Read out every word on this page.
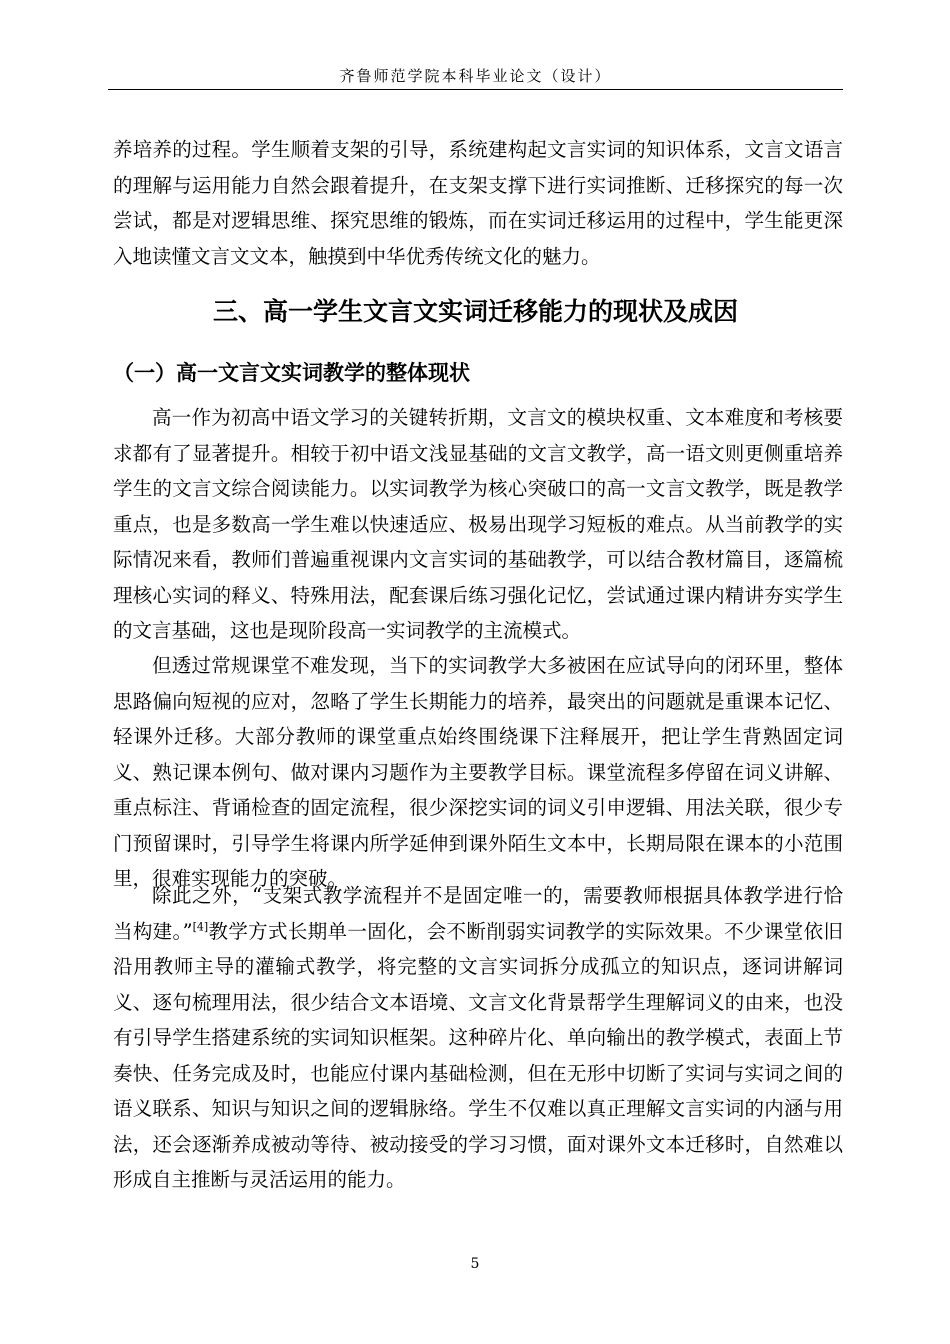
齐鲁师范学院本科毕业论文（设计）

养培养的过程。学生顺着支架的引导，系统建构起文言实词的知识体系，文言文语言的理解与运用能力自然会跟着提升，在支架支撑下进行实词推断、迁移探究的每一次尝试，都是对逻辑思维、探究思维的锻炼，而在实词迁移运用的过程中，学生能更深入地读懂文言文文本，触摸到中华优秀传统文化的魅力。

三、高一学生文言文实词迁移能力的现状及成因
（一）高一文言文实词教学的整体现状

高一作为初高中语文学习的关键转折期，文言文的模块权重、文本难度和考核要求都有了显著提升。相较于初中语文浅显基础的文言文教学，高一语文则更侧重培养学生的文言文综合阅读能力。以实词教学为核心突破口的高一文言文教学，既是教学重点，也是多数高一学生难以快速适应、极易出现学习短板的难点。从当前教学的实际情况来看，教师们普遍重视课内文言实词的基础教学，可以结合教材篇目，逐篇梳理核心实词的释义、特殊用法，配套课后练习强化记忆，尝试通过课内精讲夯实学生的文言基础，这也是现阶段高一实词教学的主流模式。

但透过常规课堂不难发现，当下的实词教学大多被困在应试导向的闭环里，整体思路偏向短视的应对，忽略了学生长期能力的培养，最突出的问题就是重课本记忆、轻课外迁移。大部分教师的课堂重点始终围绕课下注释展开，把让学生背熟固定词义、熟记课本例句、做对课内习题作为主要教学目标。课堂流程多停留在词义讲解、重点标注、背诵检查的固定流程，很少深挖实词的词义引申逻辑、用法关联，很少专门预留课时，引导学生将课内所学延伸到课外陌生文本中，长期局限在课本的小范围里，很难实现能力的突破。

除此之外，“支架式教学流程并不是固定唯一的，需要教师根据具体教学进行恰当构建。”[4]教学方式长期单一固化，会不断削弱实词教学的实际效果。不少课堂依旧沿用教师主导的灌输式教学，将完整的文言实词拆分成孤立的知识点，逐词讲解词义、逐句梳理用法，很少结合文本语境、文言文化背景帮学生理解词义的由来，也没有引导学生搭建系统的实词知识框架。这种碎片化、单向输出的教学模式，表面上节奏快、任务完成及时，也能应付课内基础检测，但在无形中切断了实词与实词之间的语义联系、知识与知识之间的逻辑脉络。学生不仅难以真正理解文言实词的内涵与用法，还会逐渐养成被动等待、被动接受的学习习惯，面对课外文本迁移时，自然难以形成自主推断与灵活运用的能力。

5
